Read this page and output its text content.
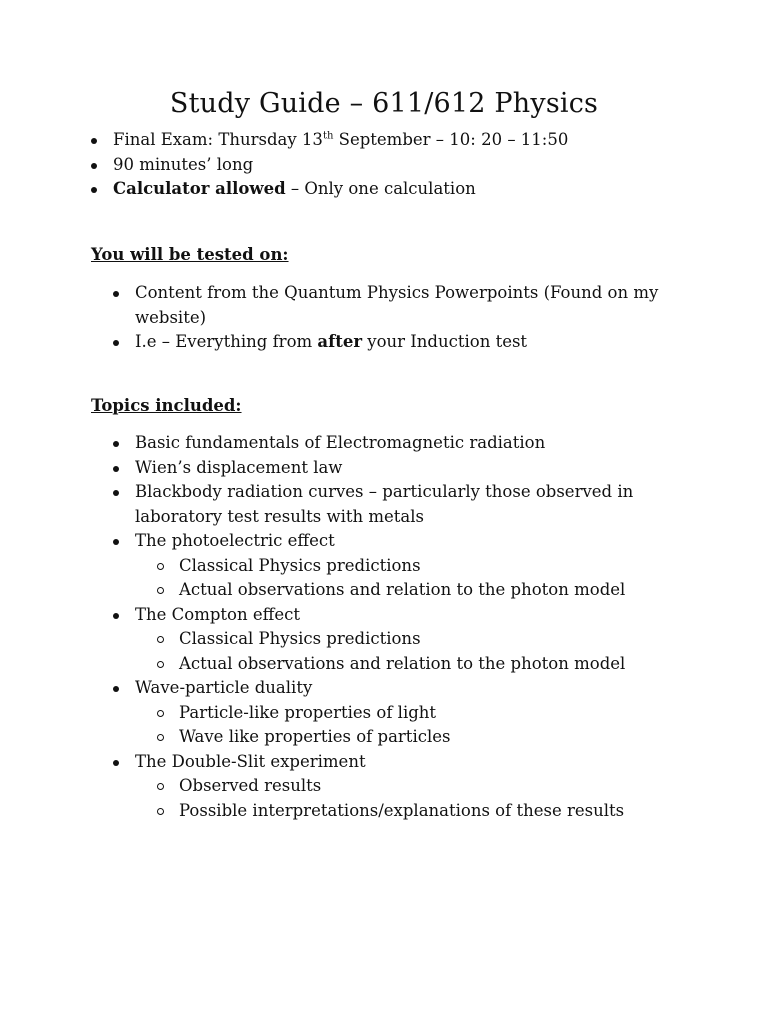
Study Guide – 611/612 Physics
Final Exam: Thursday 13th September – 10: 20 – 11:50
90 minutes’ long
Calculator allowed – Only one calculation
You will be tested on:
Content from the Quantum Physics Powerpoints (Found on my website)
I.e – Everything from after your Induction test
Topics included:
Basic fundamentals of Electromagnetic radiation
Wien’s displacement law
Blackbody radiation curves – particularly those observed in laboratory test results with metals
The photoelectric effect
Classical Physics predictions
Actual observations and relation to the photon model
The Compton effect
Classical Physics predictions
Actual observations and relation to the photon model
Wave-particle duality
Particle-like properties of light
Wave like properties of particles
The Double-Slit experiment
Observed results
Possible interpretations/explanations of these results
